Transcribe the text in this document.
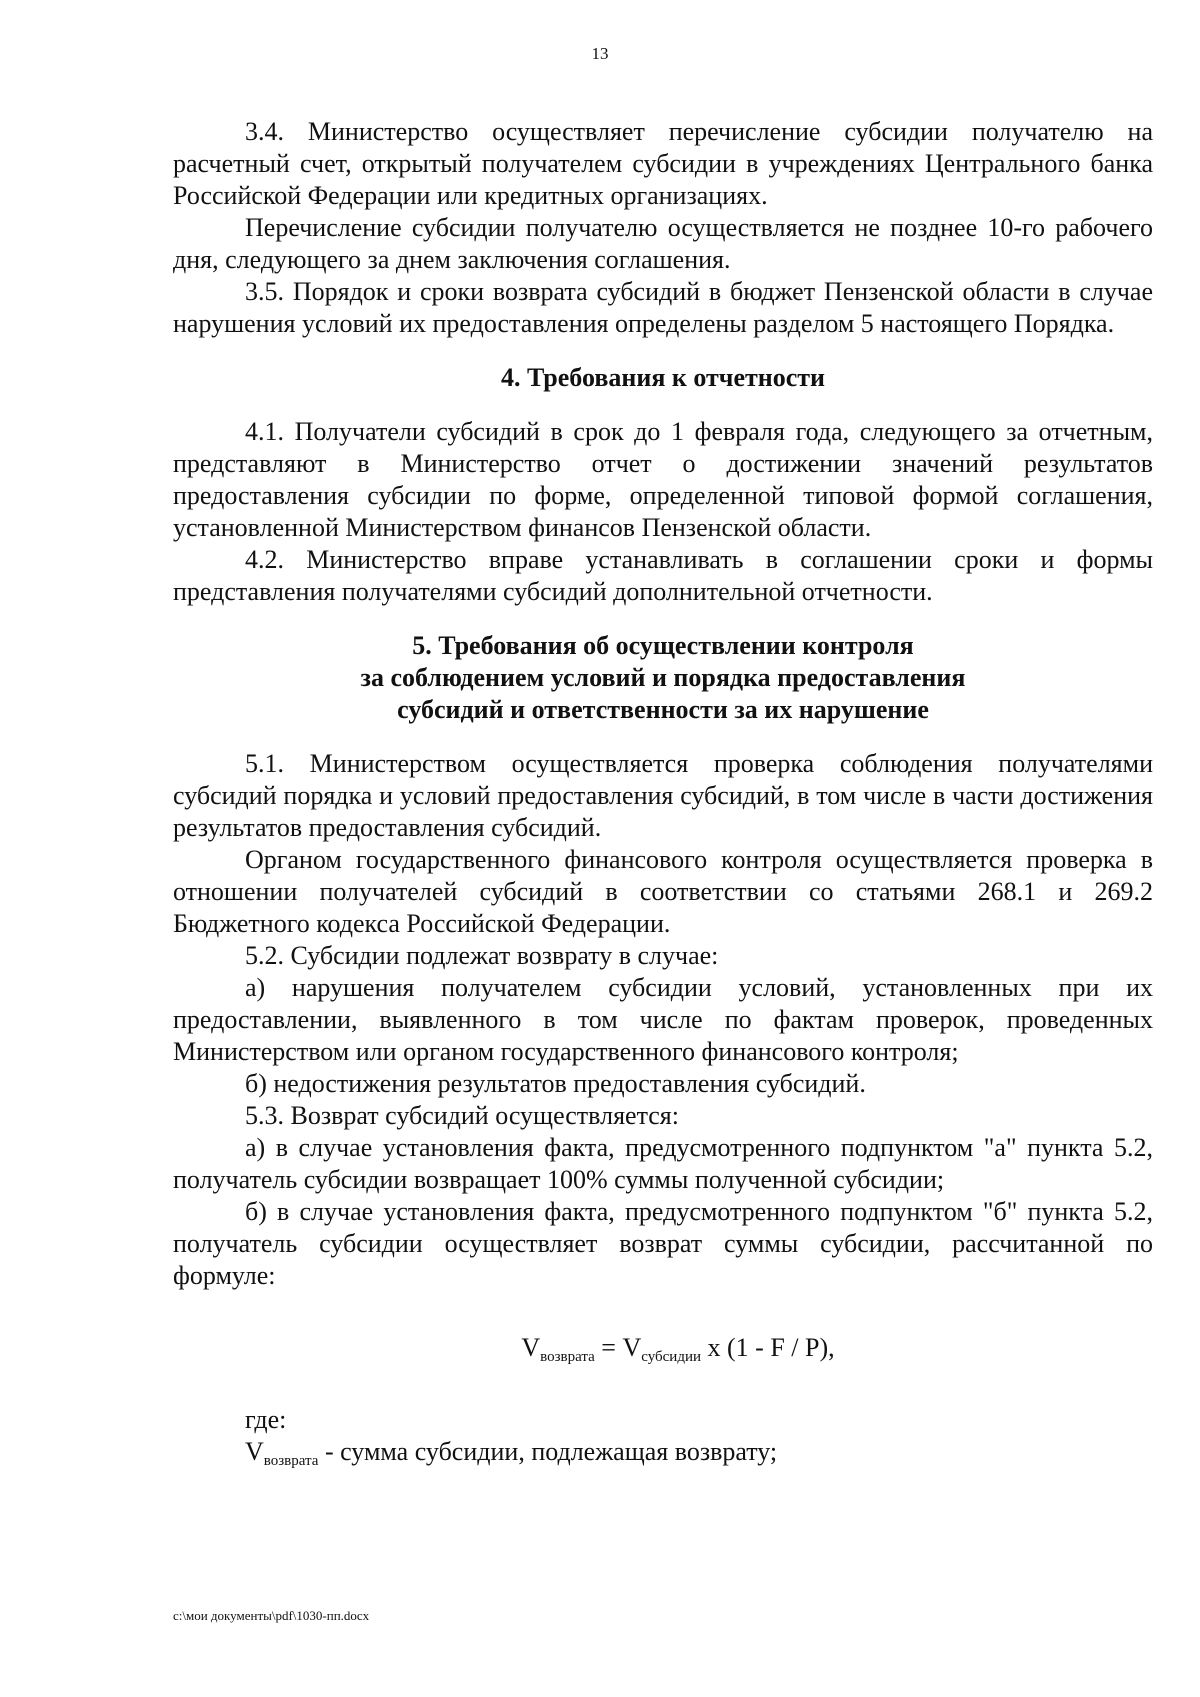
13

3.4. Министерство осуществляет перечисление субсидии получателю на расчетный счет, открытый получателем субсидии в учреждениях Центрального банка Российской Федерации или кредитных организациях.

Перечисление субсидии получателю осуществляется не позднее 10-го рабочего дня, следующего за днем заключения соглашения.

3.5. Порядок и сроки возврата субсидий в бюджет Пензенской области в случае нарушения условий их предоставления определены разделом 5 настоящего Порядка.

4. Требования к отчетности

4.1. Получатели субсидий в срок до 1 февраля года, следующего за отчетным, представляют в Министерство отчет о достижении значений результатов предоставления субсидии по форме, определенной типовой формой соглашения, установленной Министерством финансов Пензенской области.

4.2. Министерство вправе устанавливать в соглашении сроки и формы представления получателями субсидий дополнительной отчетности.

5. Требования об осуществлении контроля
за соблюдением условий и порядка предоставления
субсидий и ответственности за их нарушение

5.1. Министерством осуществляется проверка соблюдения получателями субсидий порядка и условий предоставления субсидий, в том числе в части достижения результатов предоставления субсидий.

Органом государственного финансового контроля осуществляется проверка в отношении получателей субсидий в соответствии со статьями 268.1 и 269.2 Бюджетного кодекса Российской Федерации.

5.2. Субсидии подлежат возврату в случае:

а) нарушения получателем субсидии условий, установленных при их предоставлении, выявленного в том числе по фактам проверок, проведенных Министерством или органом государственного финансового контроля;

б) недостижения результатов предоставления субсидий.

5.3. Возврат субсидий осуществляется:

а) в случае установления факта, предусмотренного подпунктом "а" пункта 5.2, получатель субсидии возвращает 100% суммы полученной субсидии;

б) в случае установления факта, предусмотренного подпунктом "б" пункта 5.2, получатель субсидии осуществляет возврат суммы субсидии, рассчитанной по формуле:

$V_{возврата} = V_{субсидии}$ х (1 - F / P),

где:

$V_{возврата}$ - сумма субсидии, подлежащая возврату;

c:\мои документы\pdf\1030-пп.docx
